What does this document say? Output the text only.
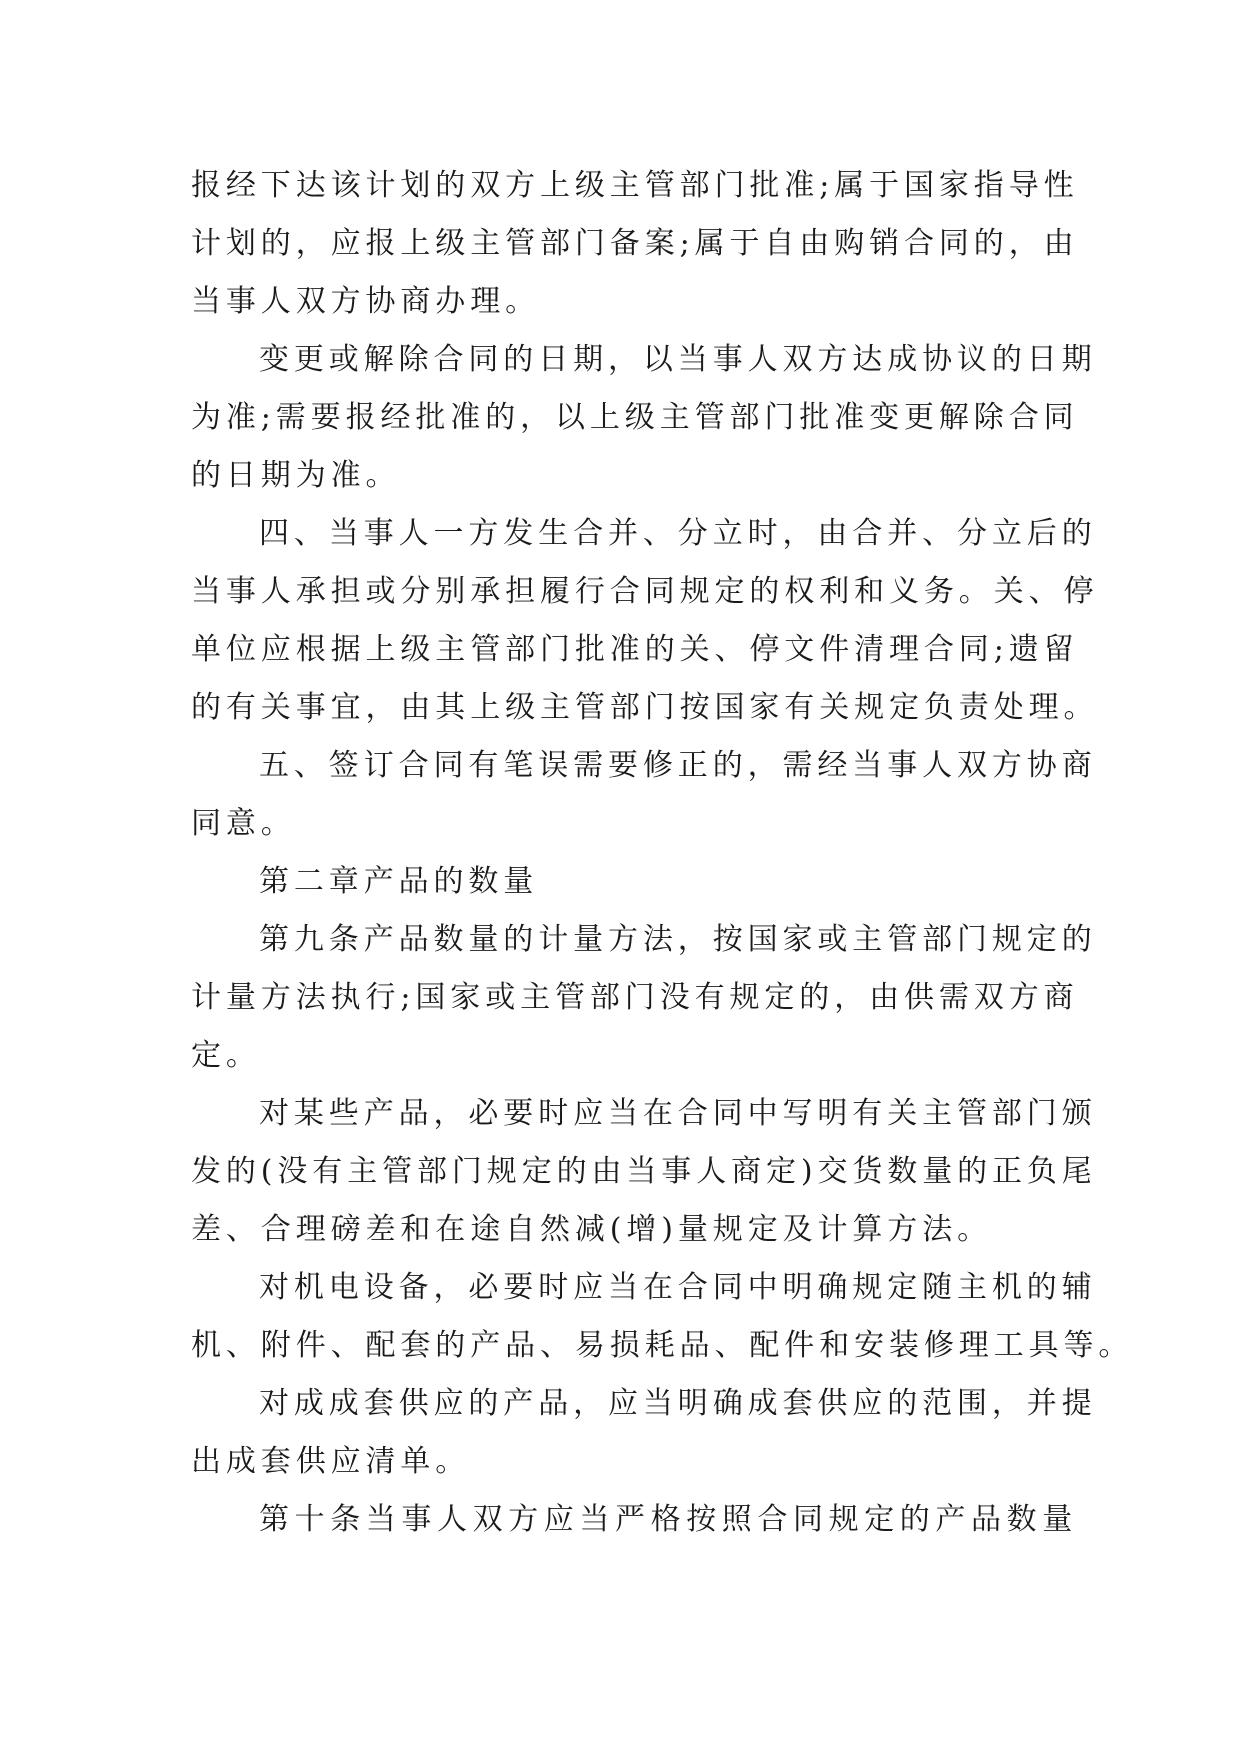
报经下达该计划的双方上级主管部门批准;属于国家指导性

计划的，应报上级主管部门备案;属于自由购销合同的，由

当事人双方协商办理。

变更或解除合同的日期，以当事人双方达成协议的日期

为准;需要报经批准的，以上级主管部门批准变更解除合同

的日期为准。

四、当事人一方发生合并、分立时，由合并、分立后的

当事人承担或分别承担履行合同规定的权利和义务。关、停

单位应根据上级主管部门批准的关、停文件清理合同;遗留

的有关事宜，由其上级主管部门按国家有关规定负责处理。

五、签订合同有笔误需要修正的，需经当事人双方协商

同意。

第二章产品的数量

第九条产品数量的计量方法，按国家或主管部门规定的

计量方法执行;国家或主管部门没有规定的，由供需双方商

定。

对某些产品，必要时应当在合同中写明有关主管部门颁

发的(没有主管部门规定的由当事人商定)交货数量的正负尾

差、合理磅差和在途自然减(增)量规定及计算方法。

对机电设备，必要时应当在合同中明确规定随主机的辅

机、附件、配套的产品、易损耗品、配件和安装修理工具等。

对成成套供应的产品，应当明确成套供应的范围，并提

出成套供应清单。

第十条当事人双方应当严格按照合同规定的产品数量
